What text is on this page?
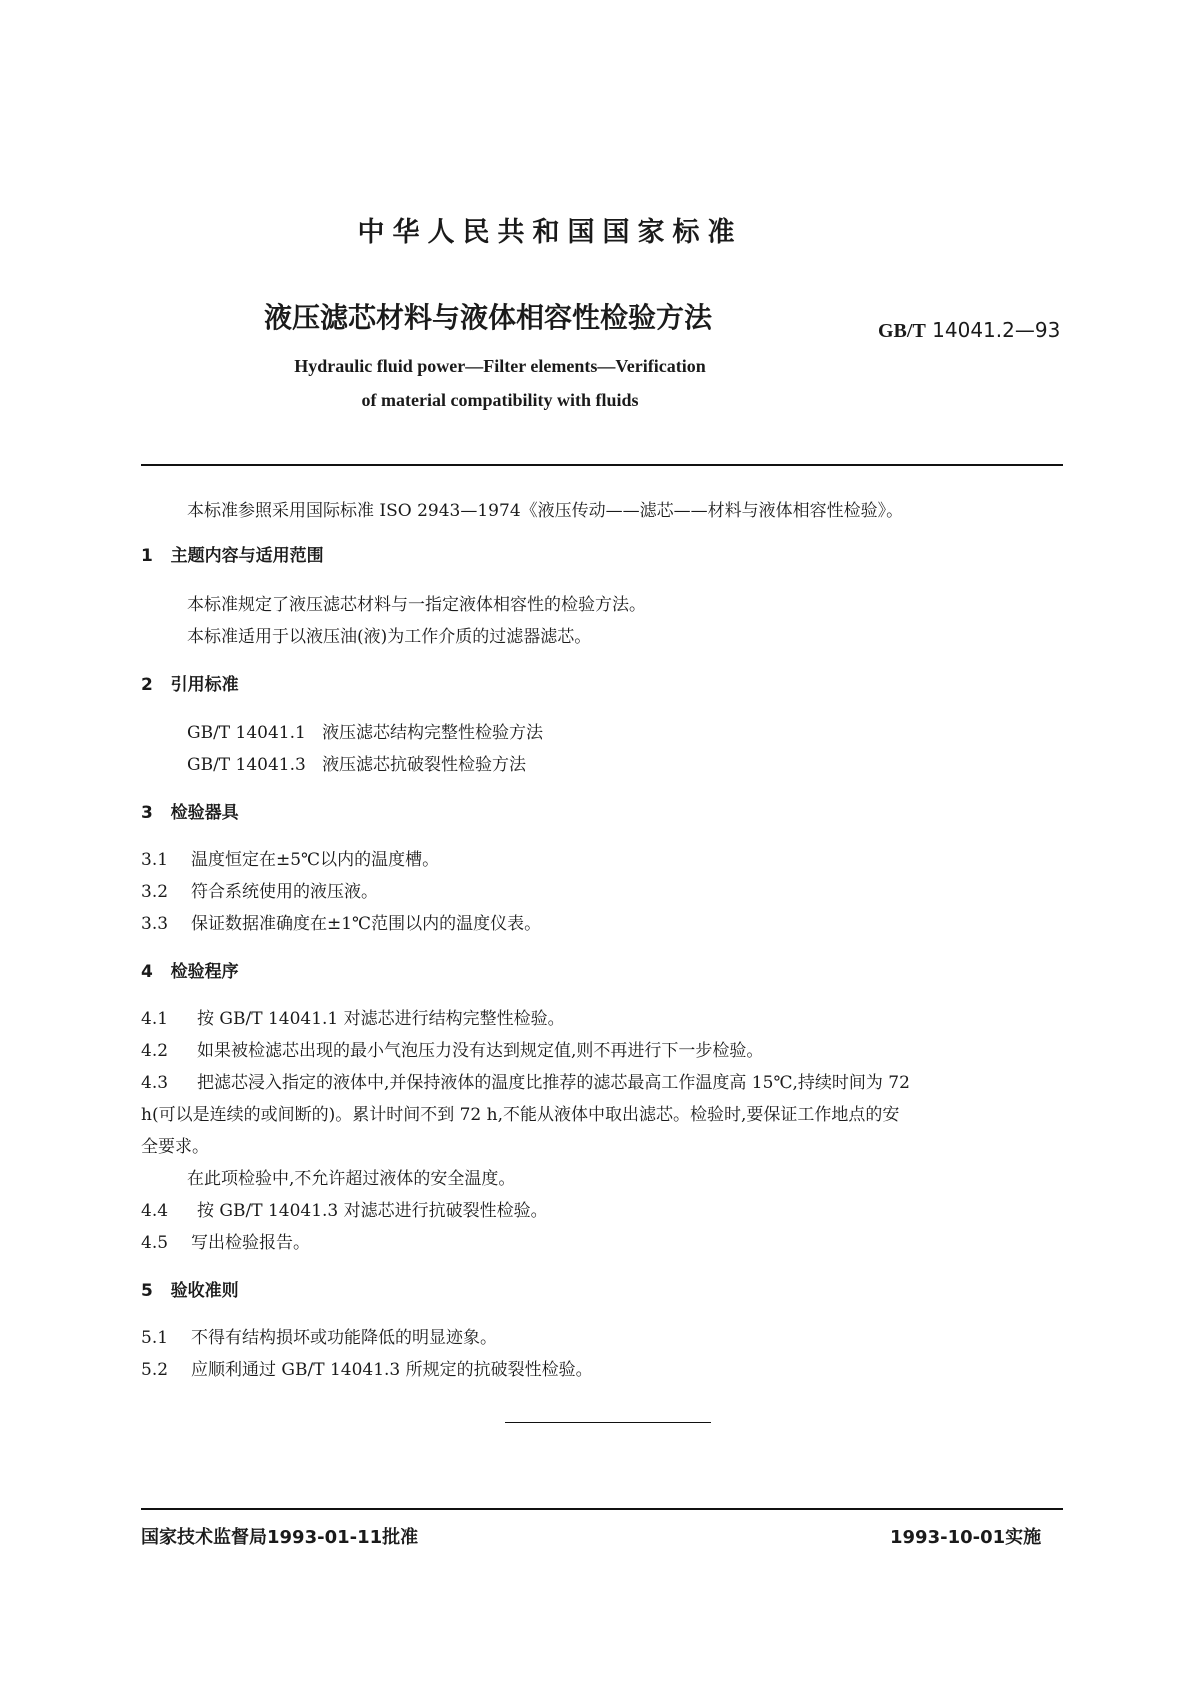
中华人民共和国国家标准
液压滤芯材料与液体相容性检验方法	GB/T 14041.2—93
Hydraulic fluid power—Filter elements—Verification
of material compatibility with fluids
本标准参照采用国际标准 ISO 2943—1974《液压传动——滤芯——材料与液体相容性检验》。
1 主题内容与适用范围
本标准规定了液压滤芯材料与一指定液体相容性的检验方法。
本标准适用于以液压油(液)为工作介质的过滤器滤芯。
2 引用标准
GB/T 14041.1 液压滤芯结构完整性检验方法
GB/T 14041.3 液压滤芯抗破裂性检验方法
3 检验器具
3.1 温度恒定在±5℃以内的温度槽。
3.2 符合系统使用的液压液。
3.3 保证数据准确度在±1℃范围以内的温度仪表。
4 检验程序
4.1 按 GB/T 14041.1 对滤芯进行结构完整性检验。
4.2 如果被检滤芯出现的最小气泡压力没有达到规定值,则不再进行下一步检验。
4.3 把滤芯浸入指定的液体中,并保持液体的温度比推荐的滤芯最高工作温度高 15℃,持续时间为 72
h(可以是连续的或间断的)。累计时间不到 72 h,不能从液体中取出滤芯。检验时,要保证工作地点的安
全要求。
在此项检验中,不允许超过液体的安全温度。
4.4 按 GB/T 14041.3 对滤芯进行抗破裂性检验。
4.5 写出检验报告。
5 验收准则
5.1 不得有结构损坏或功能降低的明显迹象。
5.2 应顺利通过 GB/T 14041.3 所规定的抗破裂性检验。
国家技术监督局1993-01-11批准	1993-10-01实施
